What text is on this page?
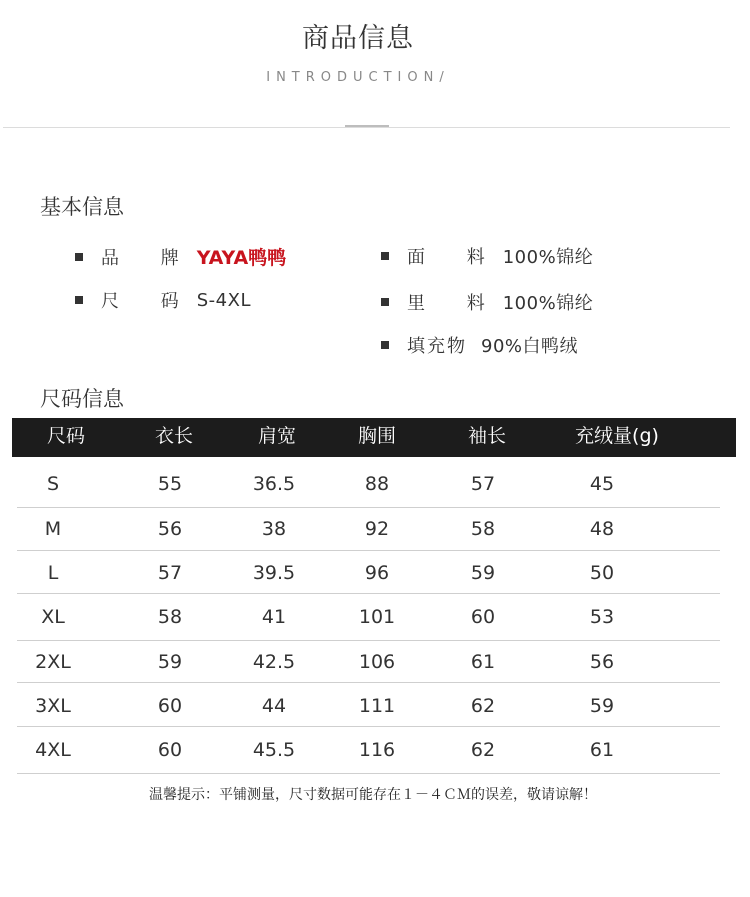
商品信息
INTRODUCTION/
基本信息
品 牌 YAYA鸭鸭
尺 码 S-4XL
面 料 100%锦纶
里 料 100%锦纶
填充物 90%白鸭绒
尺码信息
尺码	衣长	肩宽	胸围	袖长	充绒量(g)
S	55	36.5	88	57	45
M	56	38	92	58	48
L	57	39.5	96	59	50
XL	58	41	101	60	53
2XL	59	42.5	106	61	56
3XL	60	44	111	62	59
4XL	60	45.5	116	62	61
温馨提示：平铺测量，尺寸数据可能存在１－４ＣＭ的误差，敬请谅解！
